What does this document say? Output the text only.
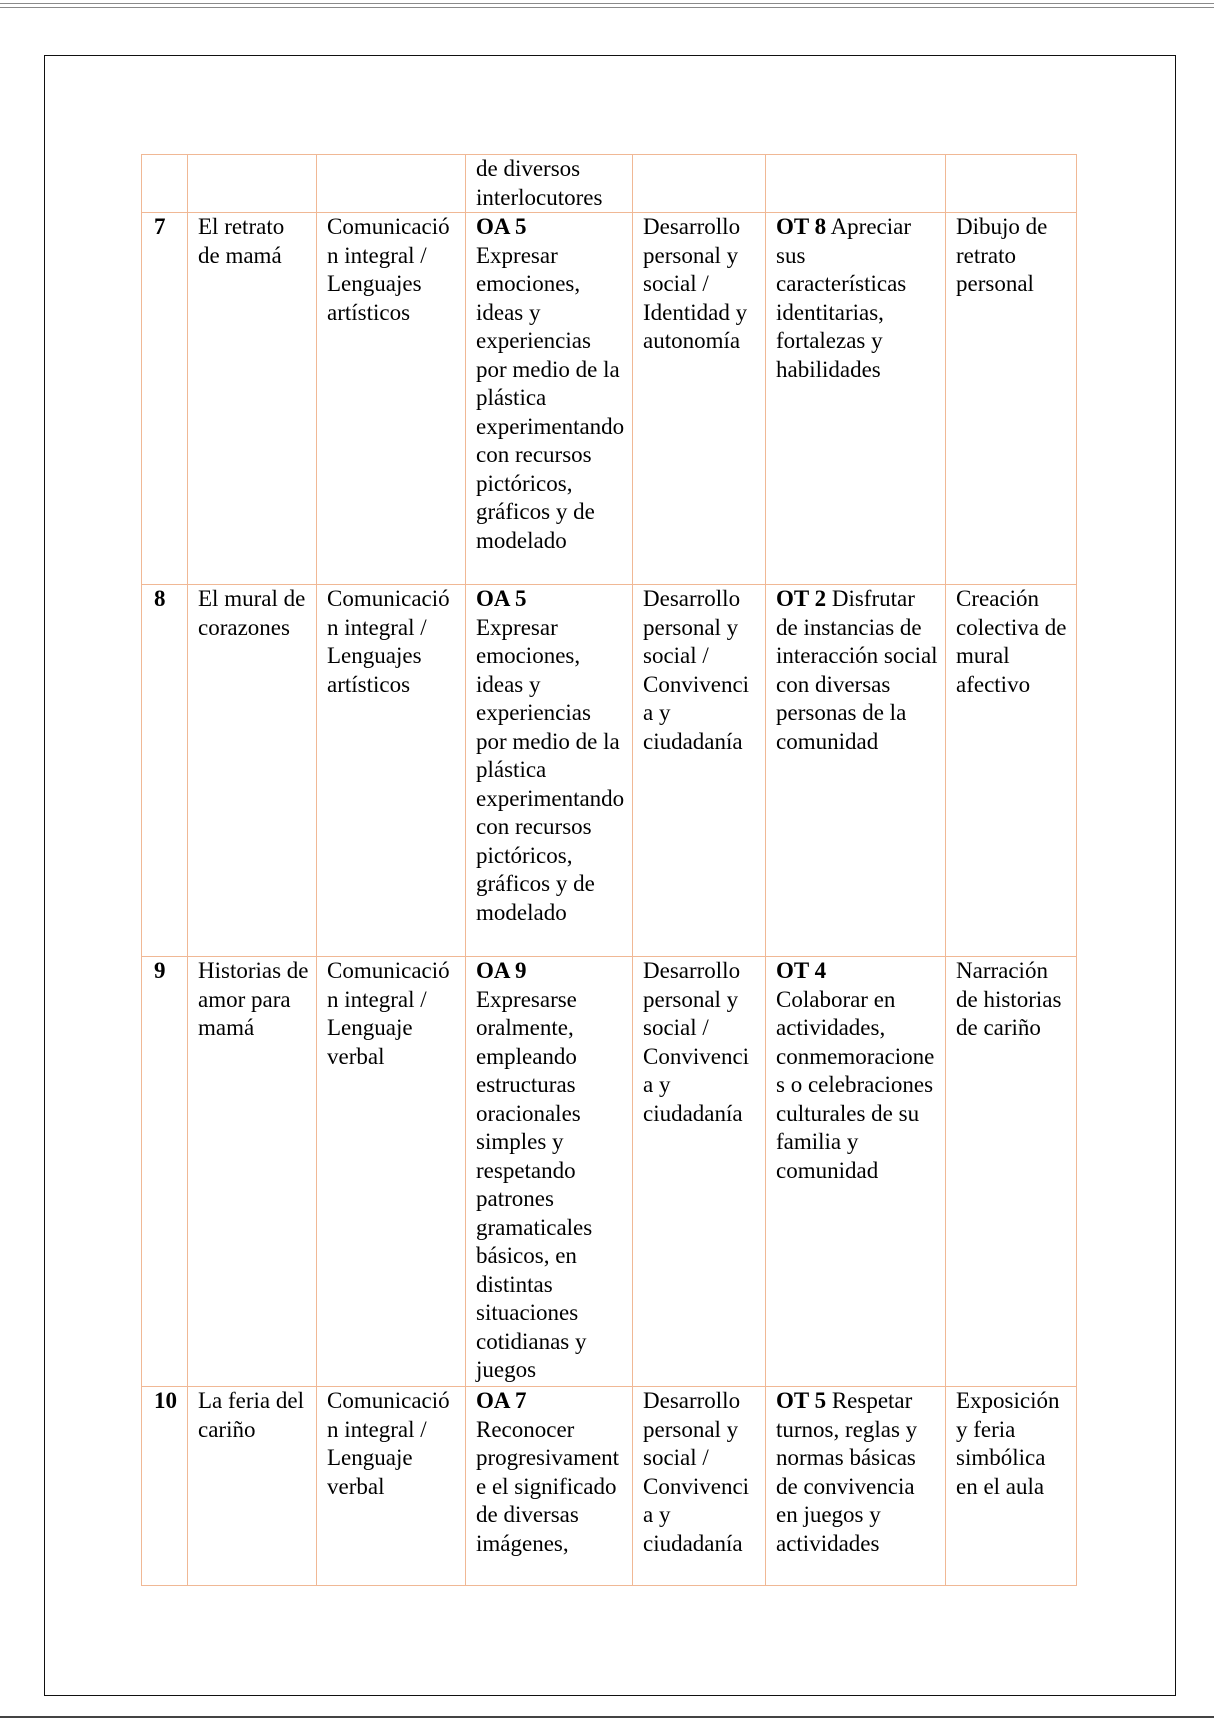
			de diversos interlocutores			
7	El retrato de mamá	Comunicación integral / Lenguajes artísticos	OA 5
Expresar emociones, ideas y experiencias por medio de la plástica experimentando con recursos pictóricos, gráficos y de modelado	Desarrollo personal y social / Identidad y autonomía	OT 8 Apreciar sus características identitarias, fortalezas y habilidades	Dibujo de retrato personal
8	El mural de corazones	Comunicación integral / Lenguajes artísticos	OA 5
Expresar emociones, ideas y experiencias por medio de la plástica experimentando con recursos pictóricos, gráficos y de modelado	Desarrollo personal y social / Convivencia y ciudadanía	OT 2 Disfrutar de instancias de interacción social con diversas personas de la comunidad	Creación colectiva de mural afectivo
9	Historias de amor para mamá	Comunicación integral / Lenguaje verbal	OA 9
Expresarse oralmente, empleando estructuras oracionales simples y respetando patrones gramaticales básicos, en distintas situaciones cotidianas y juegos	Desarrollo personal y social / Convivencia y ciudadanía	OT 4
Colaborar en actividades, conmemoraciones o celebraciones culturales de su familia y comunidad	Narración de historias de cariño
10	La feria del cariño	Comunicación integral / Lenguaje verbal	OA 7
Reconocer progresivamente el significado de diversas imágenes,	Desarrollo personal y social / Convivencia y ciudadanía	OT 5 Respetar turnos, reglas y normas básicas de convivencia en juegos y actividades	Exposición y feria simbólica en el aula
